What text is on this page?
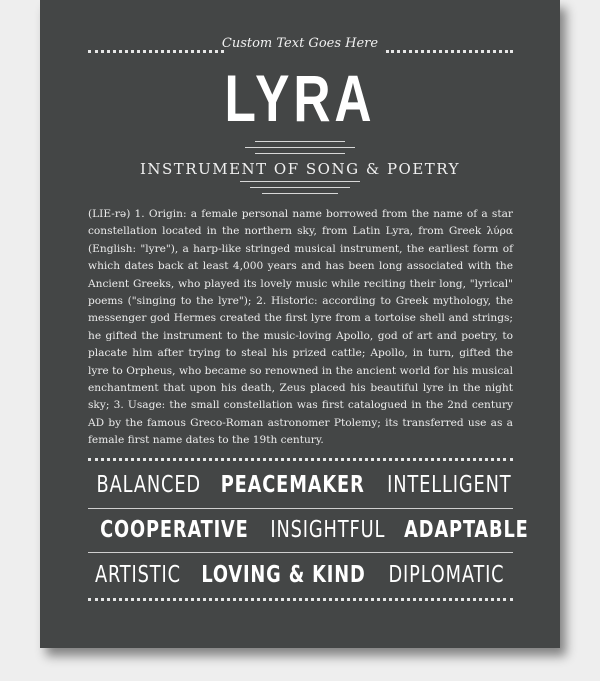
Custom Text Goes Here
LYRA
INSTRUMENT OF SONG & POETRY

(LIE-rə) 1. Origin: a female personal name borrowed from the name of a star constellation located in the northern sky, from Latin Lyra, from Greek λύρα (English: "lyre"), a harp-like stringed musical instrument, the earliest form of which dates back at least 4,000 years and has been long associated with the Ancient Greeks, who played its lovely music while reciting their long, "lyrical" poems ("singing to the lyre"); 2. Historic: according to Greek mythology, the messenger god Hermes created the first lyre from a tortoise shell and strings; he gifted the instrument to the music-loving Apollo, god of art and poetry, to placate him after trying to steal his prized cattle; Apollo, in turn, gifted the lyre to Orpheus, who became so renowned in the ancient world for his musical enchantment that upon his death, Zeus placed his beautiful lyre in the night sky; 3. Usage: the small constellation was first catalogued in the 2nd century AD by the famous Greco-Roman astronomer Ptolemy; its transferred use as a female first name dates to the 19th century.

BALANCED PEACEMAKER INTELLIGENT
COOPERATIVE INSIGHTFUL ADAPTABLE
ARTISTIC LOVING & KIND DIPLOMATIC
